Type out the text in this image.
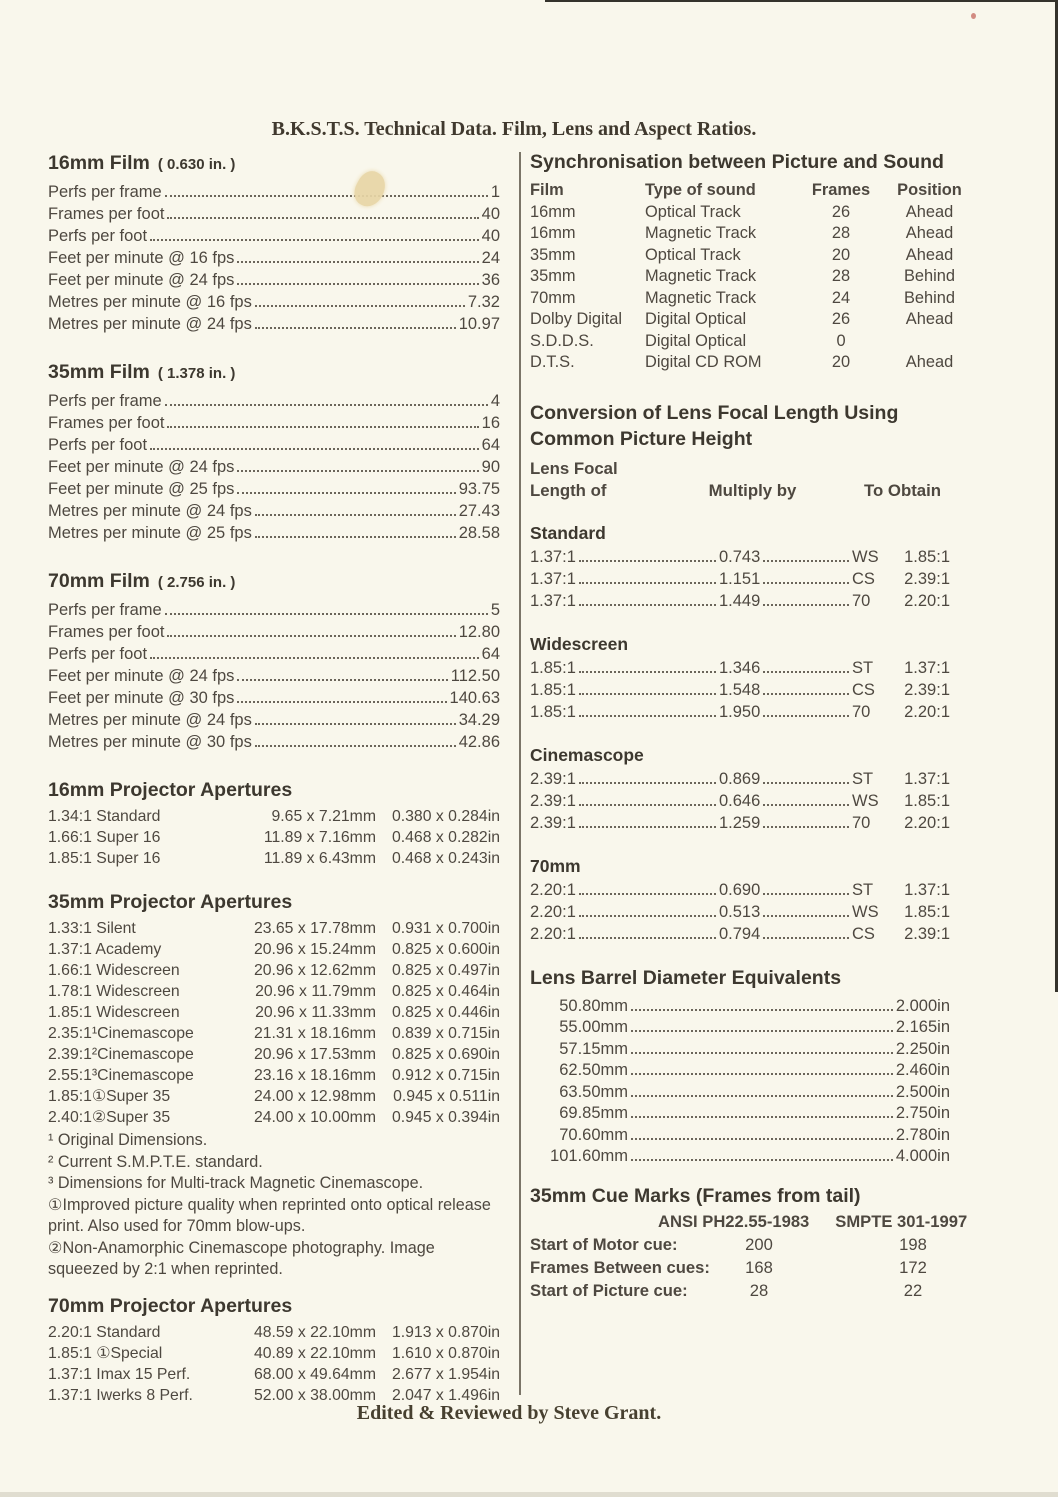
B.K.S.T.S. Technical Data. Film, Lens and Aspect Ratios.
16mm Film ( 0.630 in. )
Perfs per frame	1
Frames per foot	40
Perfs per foot	40
Feet per minute @ 16 fps	24
Feet per minute @ 24 fps	36
Metres per minute @ 16 fps	7.32
Metres per minute @ 24 fps	10.97
35mm Film ( 1.378 in. )
Perfs per frame	4
Frames per foot	16
Perfs per foot	64
Feet per minute @ 24 fps	90
Feet per minute @ 25 fps	93.75
Metres per minute @ 24 fps	27.43
Metres per minute @ 25 fps	28.58
70mm Film ( 2.756 in. )
Perfs per frame	5
Frames per foot	12.80
Perfs per foot	64
Feet per minute @ 24 fps	112.50
Feet per minute @ 30 fps	140.63
Metres per minute @ 24 fps	34.29
Metres per minute @ 30 fps	42.86
16mm Projector Apertures
1.34:1 Standard	9.65 x 7.21mm	0.380 x 0.284in
1.66:1 Super 16	11.89 x 7.16mm	0.468 x 0.282in
1.85:1 Super 16	11.89 x 6.43mm	0.468 x 0.243in
35mm Projector Apertures
1.33:1 Silent	23.65 x 17.78mm	0.931 x 0.700in
1.37:1 Academy	20.96 x 15.24mm	0.825 x 0.600in
1.66:1 Widescreen	20.96 x 12.62mm	0.825 x 0.497in
1.78:1 Widescreen	20.96 x 11.79mm	0.825 x 0.464in
1.85:1 Widescreen	20.96 x 11.33mm	0.825 x 0.446in
2.35:1¹Cinemascope	21.31 x 18.16mm	0.839 x 0.715in
2.39:1²Cinemascope	20.96 x 17.53mm	0.825 x 0.690in
2.55:1³Cinemascope	23.16 x 18.16mm	0.912 x 0.715in
1.85:1①Super 35	24.00 x 12.98mm	0.945 x 0.511in
2.40:1②Super 35	24.00 x 10.00mm	0.945 x 0.394in
¹ Original Dimensions.
² Current S.M.P.T.E. standard.
³ Dimensions for Multi-track Magnetic Cinemascope.
①Improved picture quality when reprinted onto optical release print. Also used for 70mm blow-ups.
②Non-Anamorphic Cinemascope photography. Image squeezed by 2:1 when reprinted.
70mm Projector Apertures
2.20:1 Standard	48.59 x 22.10mm	1.913 x 0.870in
1.85:1 ①Special	40.89 x 22.10mm	1.610 x 0.870in
1.37:1 Imax 15 Perf.	68.00 x 49.64mm	2.677 x 1.954in
1.37:1 Iwerks 8 Perf.	52.00 x 38.00mm	2.047 x 1.496in
Synchronisation between Picture and Sound
Film	Type of sound	Frames	Position
16mm	Optical Track	26	Ahead
16mm	Magnetic Track	28	Ahead
35mm	Optical Track	20	Ahead
35mm	Magnetic Track	28	Behind
70mm	Magnetic Track	24	Behind
Dolby Digital	Digital Optical	26	Ahead
S.D.D.S.	Digital Optical	0
D.T.S.	Digital CD ROM	20	Ahead
Conversion of Lens Focal Length Using
Common Picture Height
Lens Focal
Length of	Multiply by	To Obtain
Standard
1.37:1	0.743	WS	1.85:1
1.37:1	1.151	CS	2.39:1
1.37:1	1.449	70	2.20:1
Widescreen
1.85:1	1.346	ST	1.37:1
1.85:1	1.548	CS	2.39:1
1.85:1	1.950	70	2.20:1
Cinemascope
2.39:1	0.869	ST	1.37:1
2.39:1	0.646	WS	1.85:1
2.39:1	1.259	70	2.20:1
70mm
2.20:1	0.690	ST	1.37:1
2.20:1	0.513	WS	1.85:1
2.20:1	0.794	CS	2.39:1
Lens Barrel Diameter Equivalents
50.80mm	2.000in
55.00mm	2.165in
57.15mm	2.250in
62.50mm	2.460in
63.50mm	2.500in
69.85mm	2.750in
70.60mm	2.780in
101.60mm	4.000in
35mm Cue Marks (Frames from tail)
ANSI PH22.55-1983 SMPTE 301-1997
Start of Motor cue:	200	198
Frames Between cues:	168	172
Start of Picture cue:	28	22
Edited & Reviewed by Steve Grant.
